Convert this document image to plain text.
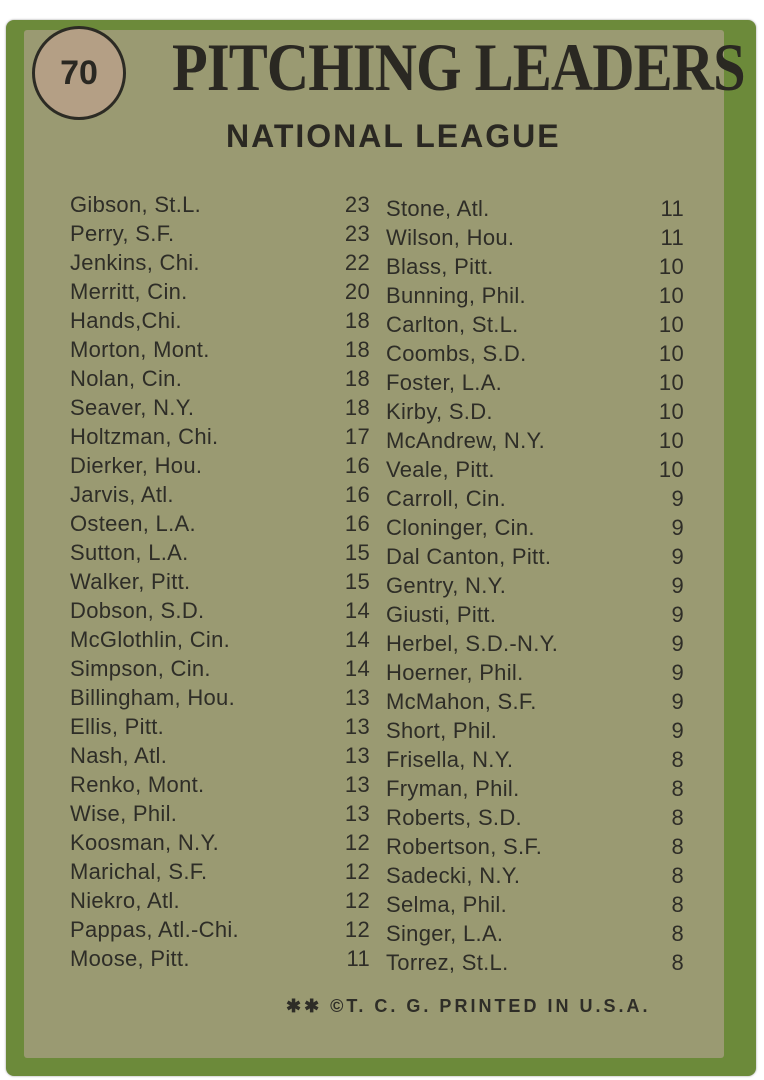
70 PITCHING LEADERS
NATIONAL LEAGUE
Gibson, St.L.	23
Perry, S.F.	23
Jenkins, Chi.	22
Merritt, Cin.	20
Hands,Chi.	18
Morton, Mont.	18
Nolan, Cin.	18
Seaver, N.Y.	18
Holtzman, Chi.	17
Dierker, Hou.	16
Jarvis, Atl.	16
Osteen, L.A.	16
Sutton, L.A.	15
Walker, Pitt.	15
Dobson, S.D.	14
McGlothlin, Cin.	14
Simpson, Cin.	14
Billingham, Hou.	13
Ellis, Pitt.	13
Nash, Atl.	13
Renko, Mont.	13
Wise, Phil.	13
Koosman, N.Y.	12
Marichal, S.F.	12
Niekro, Atl.	12
Pappas, Atl.-Chi.	12
Moose, Pitt.	11
Stone, Atl.	11
Wilson, Hou.	11
Blass, Pitt.	10
Bunning, Phil.	10
Carlton, St.L.	10
Coombs, S.D.	10
Foster, L.A.	10
Kirby, S.D.	10
McAndrew, N.Y.	10
Veale, Pitt.	10
Carroll, Cin.	9
Cloninger, Cin.	9
Dal Canton, Pitt.	9
Gentry, N.Y.	9
Giusti, Pitt.	9
Herbel, S.D.-N.Y.	9
Hoerner, Phil.	9
McMahon, S.F.	9
Short, Phil.	9
Frisella, N.Y.	8
Fryman, Phil.	8
Roberts, S.D.	8
Robertson, S.F.	8
Sadecki, N.Y.	8
Selma, Phil.	8
Singer, L.A.	8
Torrez, St.L.	8
✱✱ ©T. C. G. PRINTED IN U.S.A.
